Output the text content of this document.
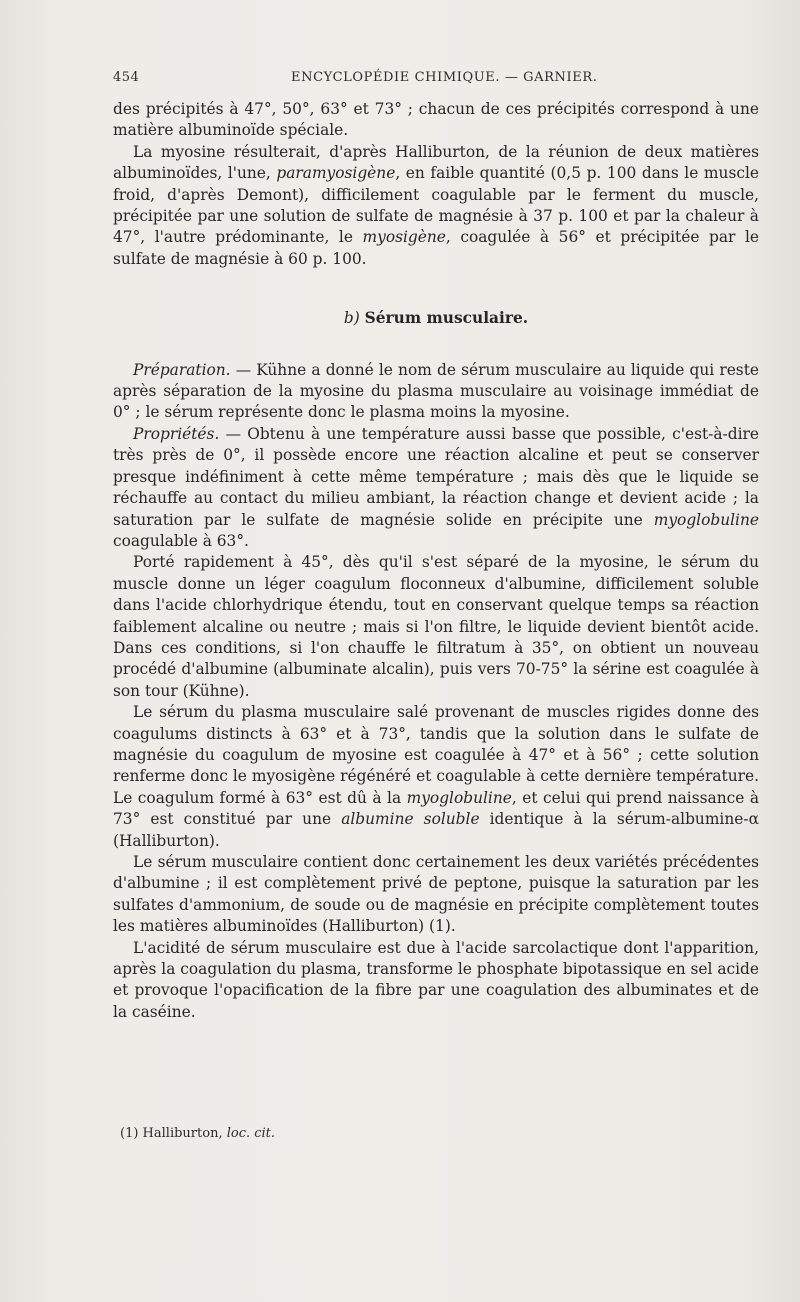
454	ENCYCLOPÉDIE CHIMIQUE. — GARNIER.

des précipités à 47°, 50°, 63° et 73° ; chacun de ces précipités correspond à une matière albuminoïde spéciale.

La myosine résulterait, d'après Halliburton, de la réunion de deux matières albuminoïdes, l'une, paramyosigène, en faible quantité (0,5 p. 100 dans le muscle froid, d'après Demont), difficilement coagulable par le ferment du muscle, précipitée par une solution de sulfate de magnésie à 37 p. 100 et par la chaleur à 47°, l'autre prédominante, le myosigène, coagulée à 56° et précipitée par le sulfate de magnésie à 60 p. 100.

b) Sérum musculaire.

Préparation. — Kühne a donné le nom de sérum musculaire au liquide qui reste après séparation de la myosine du plasma musculaire au voisinage immédiat de 0° ; le sérum représente donc le plasma moins la myosine.

Propriétés. — Obtenu à une température aussi basse que possible, c'est-à-dire très près de 0°, il possède encore une réaction alcaline et peut se conserver presque indéfiniment à cette même température ; mais dès que le liquide se réchauffe au contact du milieu ambiant, la réaction change et devient acide ; la saturation par le sulfate de magnésie solide en précipite une myoglobuline coagulable à 63°.

Porté rapidement à 45°, dès qu'il s'est séparé de la myosine, le sérum du muscle donne un léger coagulum floconneux d'albumine, difficilement soluble dans l'acide chlorhydrique étendu, tout en conservant quelque temps sa réaction faiblement alcaline ou neutre ; mais si l'on filtre, le liquide devient bientôt acide. Dans ces conditions, si l'on chauffe le filtratum à 35°, on obtient un nouveau procédé d'albumine (albuminate alcalin), puis vers 70-75° la sérine est coagulée à son tour (Kühne).

Le sérum du plasma musculaire salé provenant de muscles rigides donne des coagulums distincts à 63° et à 73°, tandis que la solution dans le sulfate de magnésie du coagulum de myosine est coagulée à 47° et à 56° ; cette solution renferme donc le myosigène régénéré et coagulable à cette dernière température. Le coagulum formé à 63° est dû à la myoglobuline, et celui qui prend naissance à 73° est constitué par une albumine soluble identique à la sérum-albumine-α (Halliburton).

Le sérum musculaire contient donc certainement les deux variétés précédentes d'albumine ; il est complètement privé de peptone, puisque la saturation par les sulfates d'ammonium, de soude ou de magnésie en précipite complètement toutes les matières albuminoïdes (Halliburton) (1).

L'acidité de sérum musculaire est due à l'acide sarcolactique dont l'apparition, après la coagulation du plasma, transforme le phosphate bipotassique en sel acide et provoque l'opacification de la fibre par une coagulation des albuminates et de la caséine.

(1) Halliburton, loc. cit.
